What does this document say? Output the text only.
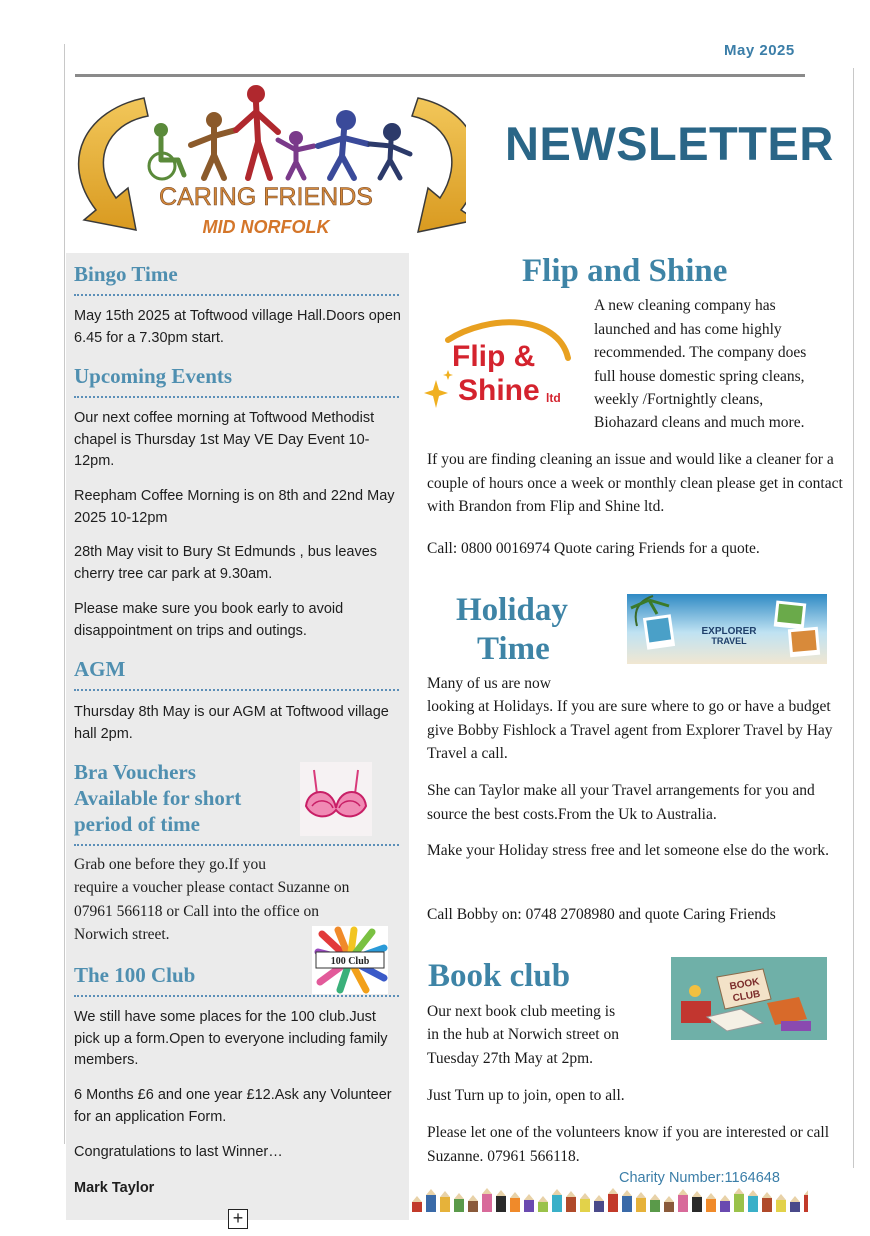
May 2025
CARING FRIENDS
MID NORFOLK
NEWSLETTER
Bingo Time
May 15th 2025 at Toftwood village Hall.Doors open 6.45 for a 7.30pm start.
Upcoming Events
Our next coffee morning at Toftwood Methodist chapel is Thursday 1st May VE Day Event 10-12pm.
Reepham Coffee Morning is on 8th and 22nd May 2025 10-12pm
28th May visit to Bury St Edmunds , bus leaves cherry tree car park at 9.30am.
Please make sure you book early to avoid disappointment on trips and outings.
AGM
Thursday 8th May is our AGM at Toftwood village hall 2pm.
Bra Vouchers
Available for short
period of time
Grab one before they go.If you
require a voucher please contact Suzanne on
07961 566118 or Call into the office on
Norwich street.
The 100 Club
100 Club
We still have some places for the 100 club.Just pick up a form.Open to everyone including family members.
6 Months £6 and one year £12.Ask any Volunteer for an application Form.
Congratulations to last Winner…
Mark Taylor
Flip and Shine
Flip &
Shine ltd
A new cleaning company has
launched and has come highly
recommended. The company does
full house domestic spring cleans,
weekly /Fortnightly cleans,
Biohazard cleans and much more.
If you are finding cleaning an issue and would like a cleaner for a couple of hours once a week or monthly clean please get in contact with Brandon from Flip and Shine ltd.
Call: 0800 0016974 Quote caring Friends for a quote.
Holiday
Time	EXPLORER
TRAVEL
Many of us are now
looking at Holidays. If you are sure where to go or have a budget give Bobby Fishlock a Travel agent from Explorer Travel by Hay Travel a call.
She can Taylor make all your Travel arrangements for you and source the best costs.From the Uk to Australia.
Make your Holiday stress free and let someone else do the work.
Call Bobby on: 0748 2708980 and quote Caring Friends
Book club	BOOK
CLUB
Our next book club meeting is
in the hub at Norwich street on
Tuesday 27th May at 2pm.
Just Turn up to join, open to all.
Please let one of the volunteers know if you are interested or call Suzanne. 07961 566118.
Charity Number:1164648
+
